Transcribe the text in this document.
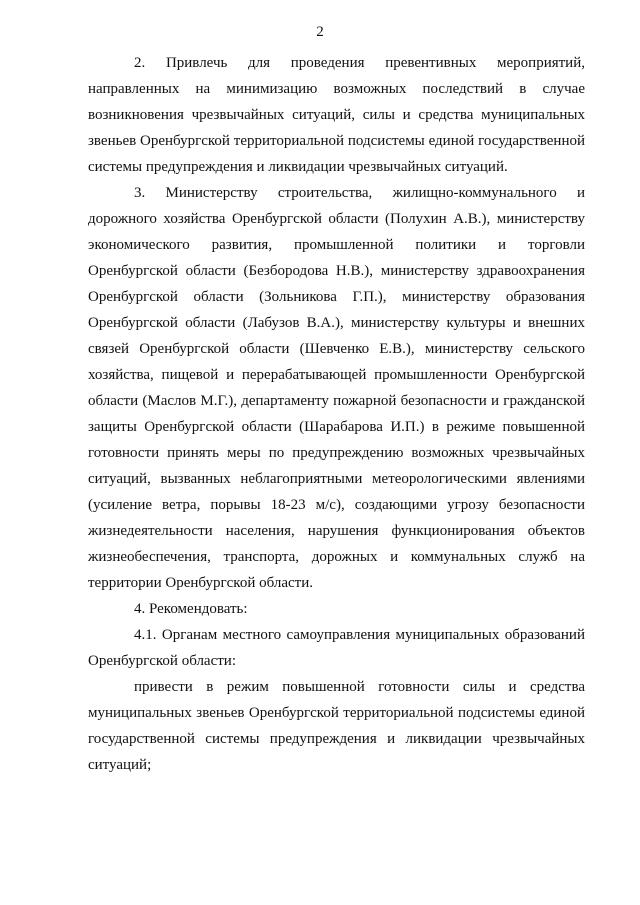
2

2. Привлечь для проведения превентивных мероприятий, направленных на минимизацию возможных последствий в случае возникновения чрезвычайных ситуаций, силы и средства муниципальных звеньев Оренбургской территориальной подсистемы единой государственной системы предупреждения и ликвидации чрезвычайных ситуаций.

3. Министерству строительства, жилищно-коммунального и дорожного хозяйства Оренбургской области (Полухин А.В.), министерству экономического развития, промышленной политики и торговли Оренбургской области (Безбородова Н.В.), министерству здравоохранения Оренбургской области (Зольникова Г.П.), министерству образования Оренбургской области (Лабузов В.А.), министерству культуры и внешних связей Оренбургской области (Шевченко Е.В.), министерству сельского хозяйства, пищевой и перерабатывающей промышленности Оренбургской области (Маслов М.Г.), департаменту пожарной безопасности и гражданской защиты Оренбургской области (Шарабарова И.П.) в режиме повышенной готовности принять меры по предупреждению возможных чрезвычайных ситуаций, вызванных неблагоприятными метеорологическими явлениями (усиление ветра, порывы 18-23 м/с), создающими угрозу безопасности жизнедеятельности населения, нарушения функционирования объектов жизнеобеспечения, транспорта, дорожных и коммунальных служб на территории Оренбургской области.

4. Рекомендовать:

4.1. Органам местного самоуправления муниципальных образований Оренбургской области:

привести в режим повышенной готовности силы и средства муниципальных звеньев Оренбургской территориальной подсистемы единой государственной системы предупреждения и ликвидации чрезвычайных ситуаций;
